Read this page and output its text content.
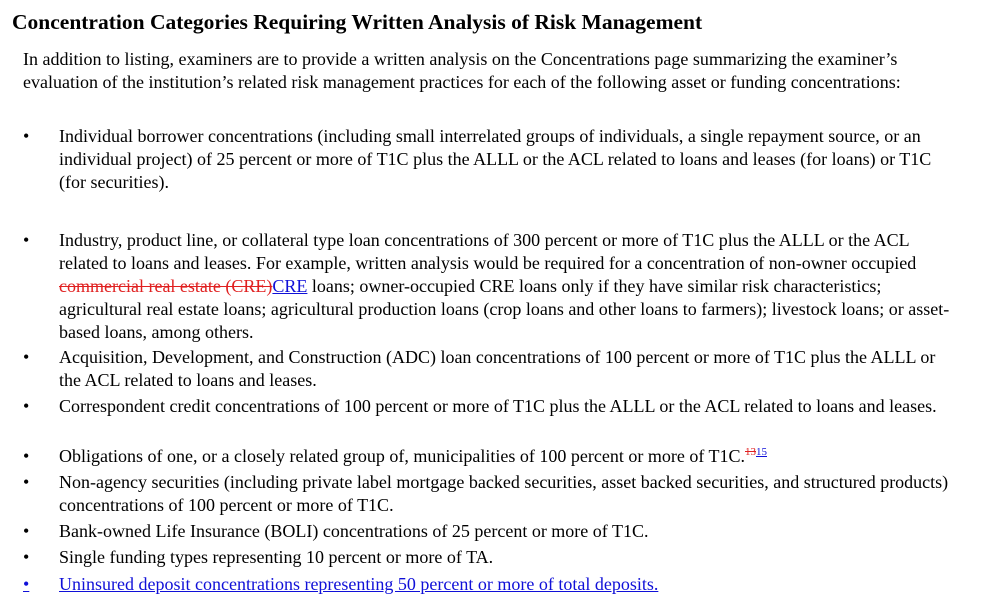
Concentration Categories Requiring Written Analysis of Risk Management

In addition to listing, examiners are to provide a written analysis on the Concentrations page summarizing the examiner’s evaluation of the institution’s related risk management practices for each of the following asset or funding concentrations:

•	Individual borrower concentrations (including small interrelated groups of individuals, a single repayment source, or an individual project) of 25 percent or more of T1C plus the ALLL or the ACL related to loans and leases (for loans) or T1C (for securities).
•	Industry, product line, or collateral type loan concentrations of 300 percent or more of T1C plus the ALLL or the ACL related to loans and leases. For example, written analysis would be required for a concentration of non-owner occupied commercial real estate (CRE)CRE loans; owner-occupied CRE loans only if they have similar risk characteristics; agricultural real estate loans; agricultural production loans (crop loans and other loans to farmers); livestock loans; or asset-based loans, among others.
•	Acquisition, Development, and Construction (ADC) loan concentrations of 100 percent or more of T1C plus the ALLL or the ACL related to loans and leases.
•	Correspondent credit concentrations of 100 percent or more of T1C plus the ALLL or the ACL related to loans and leases.
•	Obligations of one, or a closely related group of, municipalities of 100 percent or more of T1C.$^{1315}$
•	Non-agency securities (including private label mortgage backed securities, asset backed securities, and structured products) concentrations of 100 percent or more of T1C.
•	Bank-owned Life Insurance (BOLI) concentrations of 25 percent or more of T1C.
•	Single funding types representing 10 percent or more of TA.
•	Uninsured deposit concentrations representing 50 percent or more of total deposits.
